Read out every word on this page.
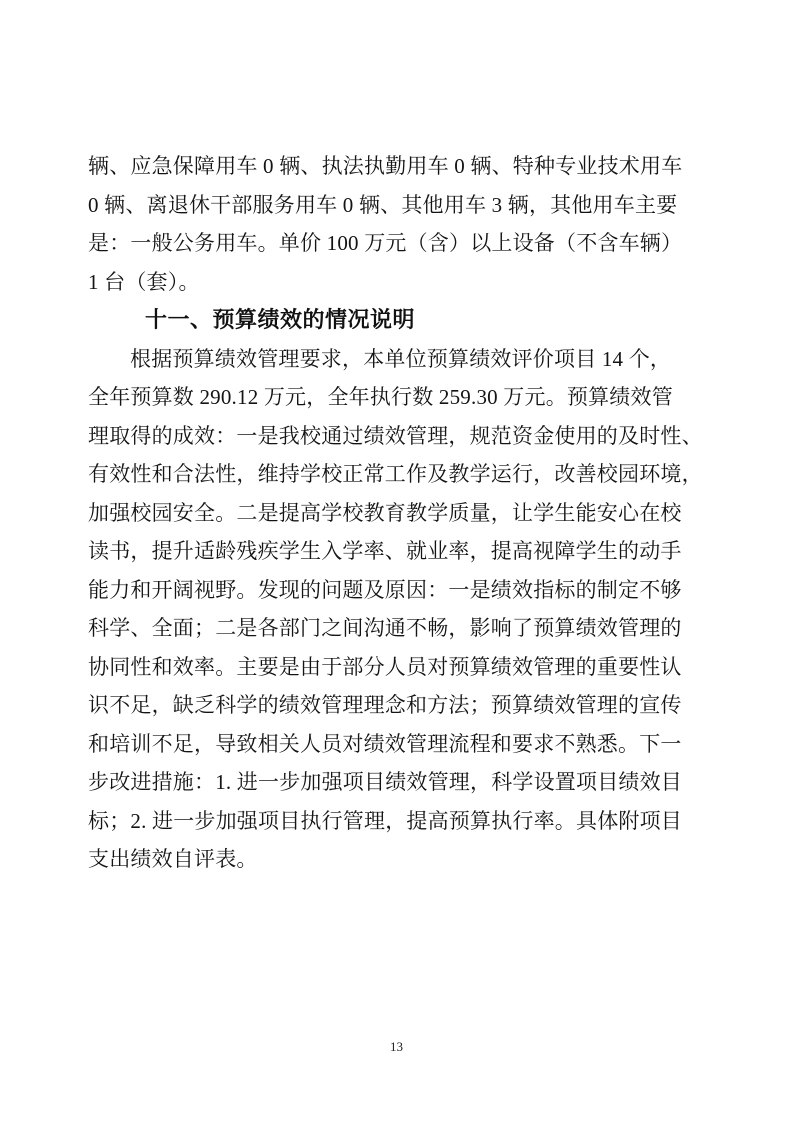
辆、应急保障用车 0 辆、执法执勤用车 0 辆、特种专业技术用车
0 辆、离退休干部服务用车 0 辆、其他用车 3 辆，其他用车主要
是：一般公务用车。单价 100 万元（含）以上设备（不含车辆）
1 台（套）。
十一、预算绩效的情况说明
根据预算绩效管理要求，本单位预算绩效评价项目 14 个，
全年预算数 290.12 万元，全年执行数 259.30 万元。预算绩效管
理取得的成效：一是我校通过绩效管理，规范资金使用的及时性、
有效性和合法性，维持学校正常工作及教学运行，改善校园环境，
加强校园安全。二是提高学校教育教学质量，让学生能安心在校
读书，提升适龄残疾学生入学率、就业率，提高视障学生的动手
能力和开阔视野。发现的问题及原因：一是绩效指标的制定不够
科学、全面；二是各部门之间沟通不畅，影响了预算绩效管理的
协同性和效率。主要是由于部分人员对预算绩效管理的重要性认
识不足，缺乏科学的绩效管理理念和方法；预算绩效管理的宣传
和培训不足，导致相关人员对绩效管理流程和要求不熟悉。下一
步改进措施：1. 进一步加强项目绩效管理，科学设置项目绩效目
标；2. 进一步加强项目执行管理，提高预算执行率。具体附项目
支出绩效自评表。
13
